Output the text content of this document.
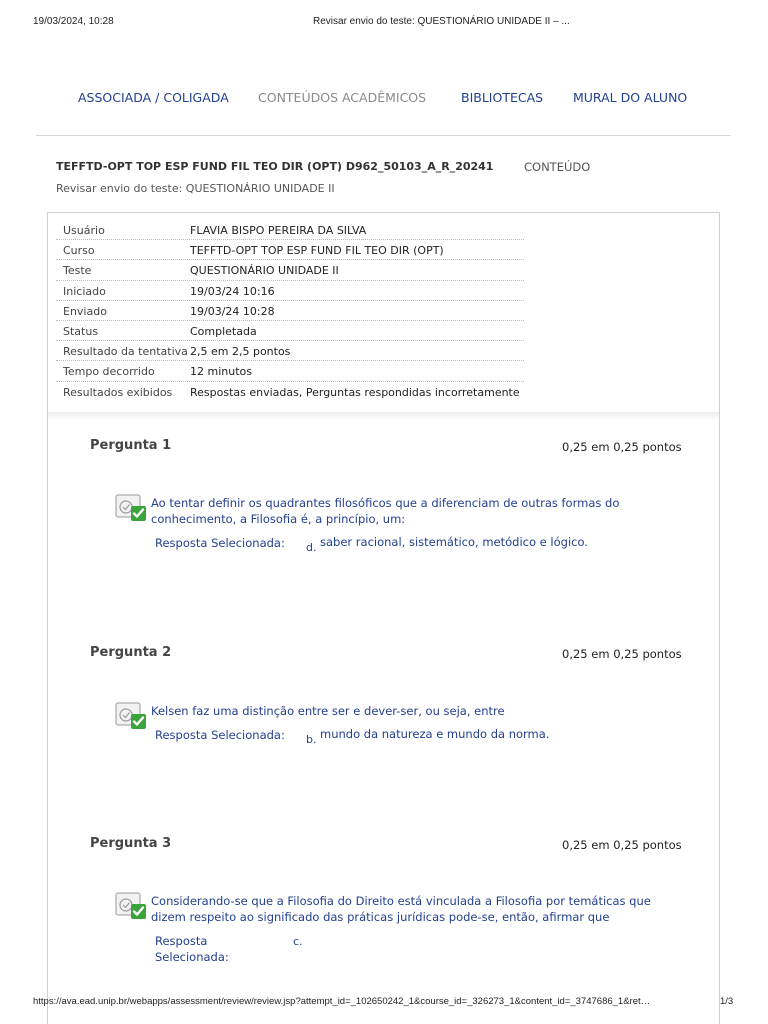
19/03/2024, 10:28	Revisar envio do teste: QUESTIONÁRIO UNIDADE II – ...
ASSOCIADA / COLIGADA CONTEÚDOS ACADÊMICOS	BIBLIOTECAS MURAL DO ALUNO
TEFFTD-OPT TOP ESP FUND FIL TEO DIR (OPT) D962_50103_A_R_20241	CONTEÚDO
Revisar envio do teste: QUESTIONÁRIO UNIDADE II
Usuário	FLAVIA BISPO PEREIRA DA SILVA
Curso	TEFFTD-OPT TOP ESP FUND FIL TEO DIR (OPT)
Teste	QUESTIONÁRIO UNIDADE II
Iniciado	19/03/24 10:16
Enviado	19/03/24 10:28
Status	Completada
Resultado da tentativa 2,5 em 2,5 pontos
Tempo decorrido	12 minutos
Resultados exibidos Respostas enviadas, Perguntas respondidas incorretamente
Pergunta 1	0,25 em 0,25 pontos
Ao tentar definir os quadrantes filosóficos que a diferenciam de outras formas do
conhecimento, a Filosofia é, a princípio, um:
Resposta Selecionada: d. saber racional, sistemático, metódico e lógico.
Pergunta 2	0,25 em 0,25 pontos
Kelsen faz uma distinção entre ser e dever-ser, ou seja, entre
Resposta Selecionada: b. mundo da natureza e mundo da norma.
Pergunta 3	0,25 em 0,25 pontos
Considerando-se que a Filosofia do Direito está vinculada a Filosofia por temáticas que
dizem respeito ao significado das práticas jurídicas pode-se, então, afirmar que
Resposta
Selecionada:
c.
https://ava.ead.unip.br/webapps/assessment/review/review.jsp?attempt_id=_102650242_1&course_id=_326273_1&content_id=_3747686_1&ret…	1/3
